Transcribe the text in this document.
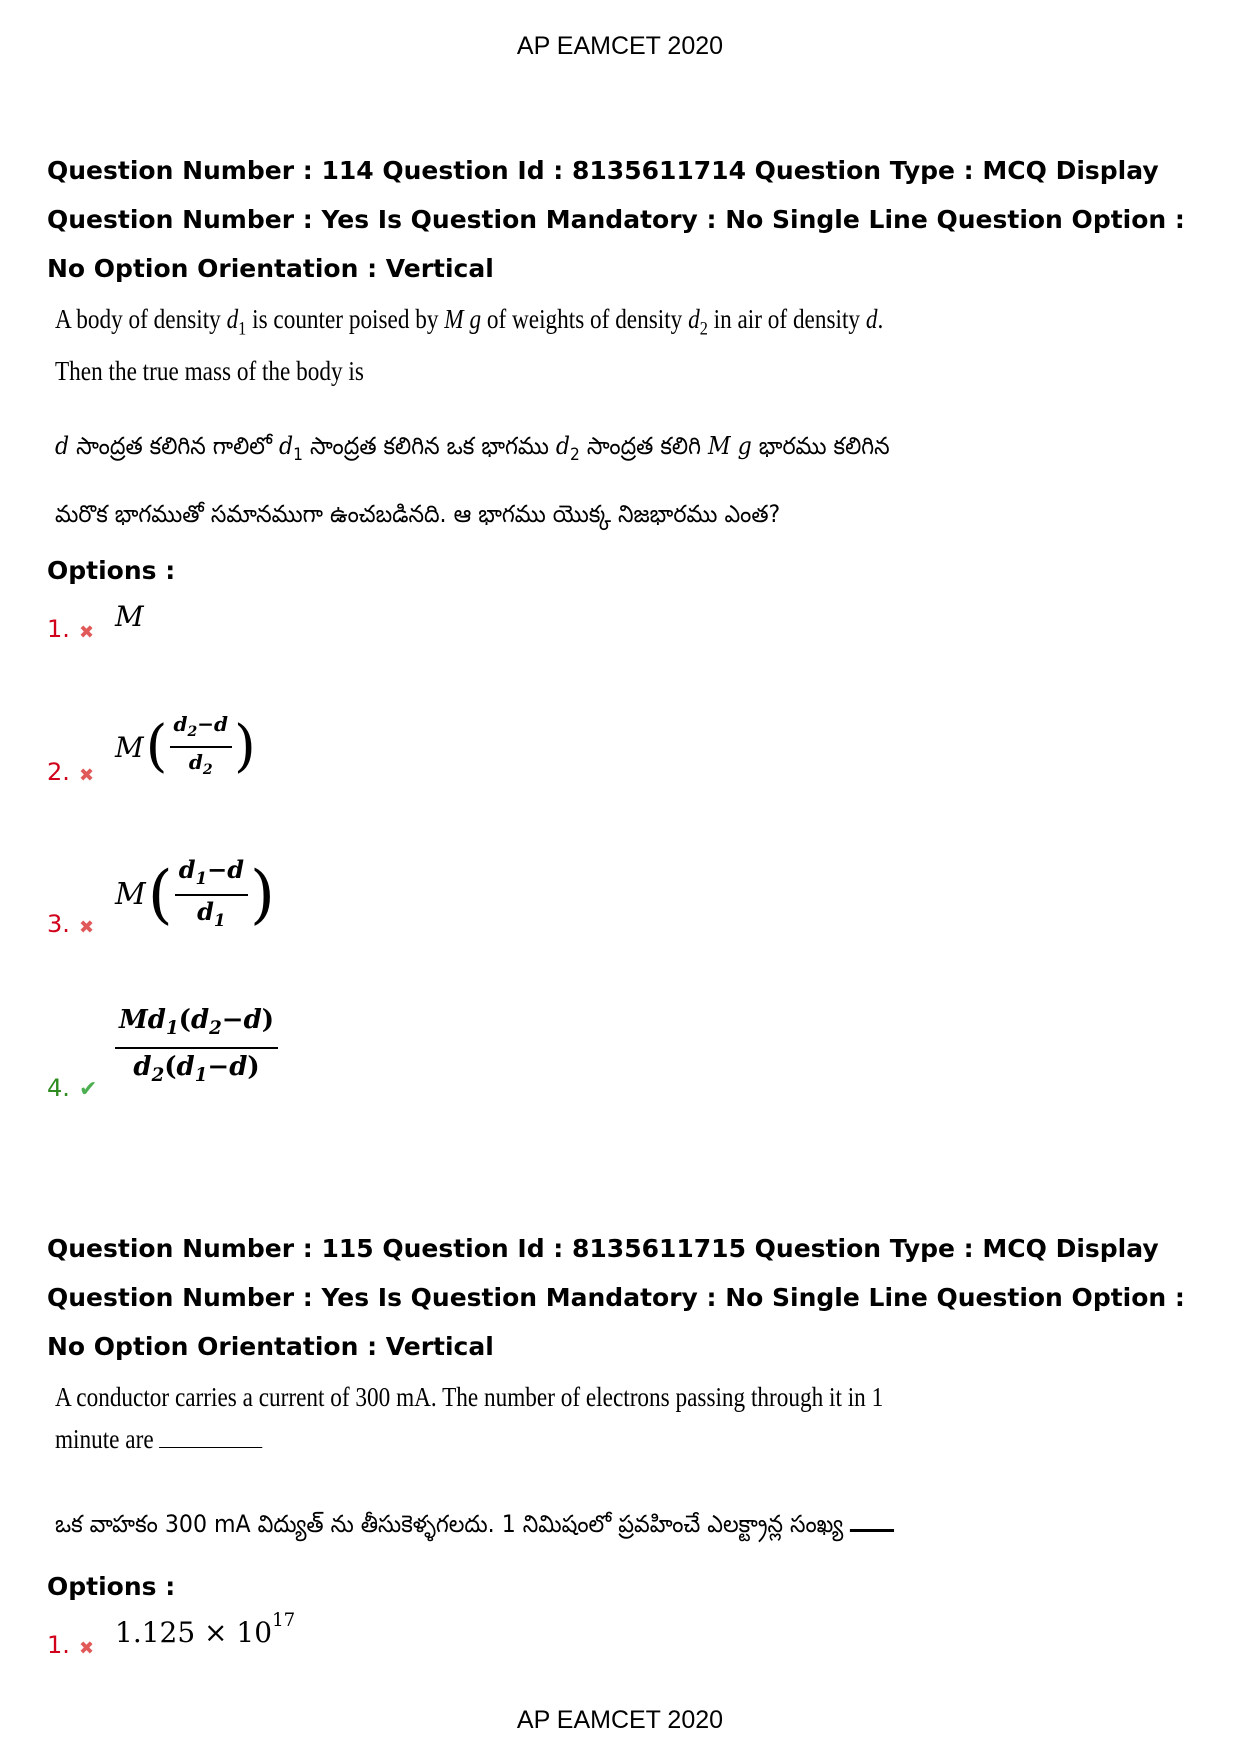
AP EAMCET 2020

Question Number : 114 Question Id : 8135611714 Question Type : MCQ Display Question Number : Yes Is Question Mandatory : No Single Line Question Option : No Option Orientation : Vertical

A body of density $d_1$ is counter poised by M g of weights of density $d_2$ in air of density d.
Then the true mass of the body is
d సాంద్రత కలిగిన గాలిలో $d_1$ సాంద్రత కలిగిన ఒక భాగము $d_2$ సాంద్రత కలిగి M g భారము కలిగిన
మరొక భాగముతో సమానముగా ఉంచబడినది. ఆ భాగము యొక్క నిజభారము ఎంత?
Options :
1. ✖ M
2. ✖
M ( $\frac{d_2-d}{d_2}$ )
3. ✖
M ( $\frac{d_1-d}{d_1}$ )
4. ✔ $\frac{Md_1(d_2-d)}{d_2(d_1-d)}$

Question Number : 115 Question Id : 8135611715 Question Type : MCQ Display Question Number : Yes Is Question Mandatory : No Single Line Question Option : No Option Orientation : Vertical

A conductor carries a current of 300 mA. The number of electrons passing through it in 1
minute are
ఒక వాహకం 300 mA విద్యుత్ ను తీసుకెళ్ళగలదు. 1 నిమిషంలో ప్రవహించే ఎలక్ట్రాన్ల సంఖ్య
Options :
1. ✖ $1.125 \times 10^{17}$
AP EAMCET 2020
